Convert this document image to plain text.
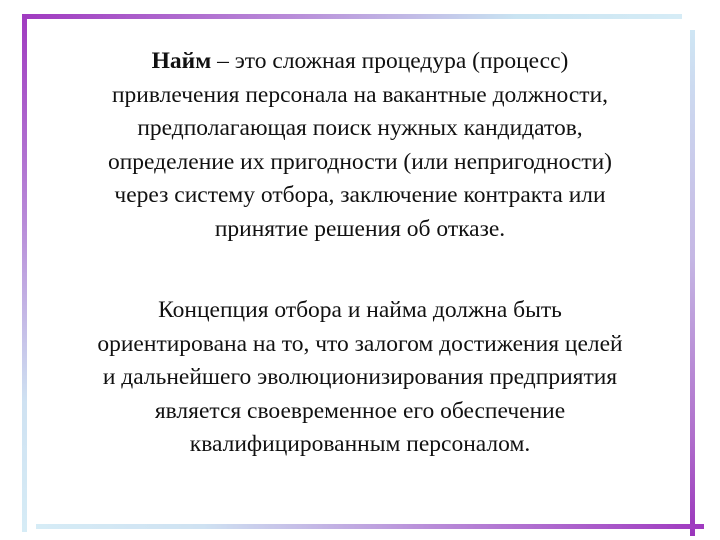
Найм – это сложная процедура (процесс)
привлечения персонала на вакантные должности,
предполагающая поиск нужных кандидатов,
определение их пригодности (или непригодности)
через систему отбора, заключение контракта или
принятие решения об отказе.
Концепция отбора и найма должна быть
ориентирована на то, что залогом достижения целей
и дальнейшего эволюционизирования предприятия
является своевременное его обеспечение
квалифицированным персоналом.
